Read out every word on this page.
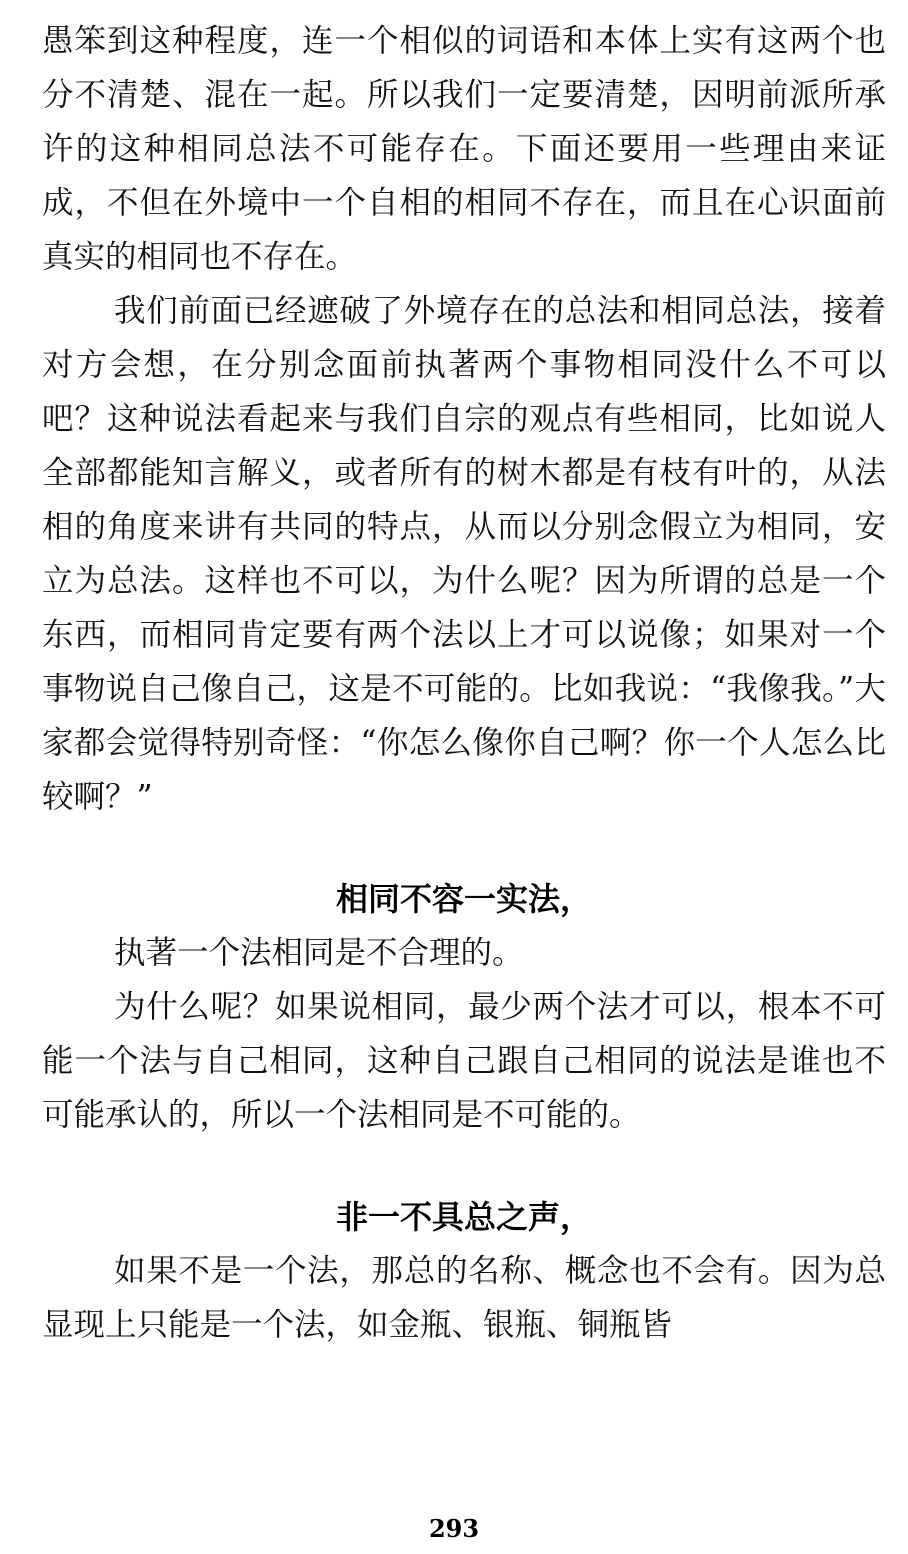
愚笨到这种程度，连一个相似的词语和本体上实有这两个也分不清楚、混在一起。所以我们一定要清楚，因明前派所承许的这种相同总法不可能存在。下面还要用一些理由来证成，不但在外境中一个自相的相同不存在，而且在心识面前真实的相同也不存在。

我们前面已经遮破了外境存在的总法和相同总法，接着对方会想，在分别念面前执著两个事物相同没什么不可以吧？这种说法看起来与我们自宗的观点有些相同，比如说人全部都能知言解义，或者所有的树木都是有枝有叶的，从法相的角度来讲有共同的特点，从而以分别念假立为相同，安立为总法。这样也不可以，为什么呢？因为所谓的总是一个东西，而相同肯定要有两个法以上才可以说像；如果对一个事物说自己像自己，这是不可能的。比如我说：“我像我。”大家都会觉得特别奇怪：“你怎么像你自己啊？你一个人怎么比较啊？”

相同不容一实法，

执著一个法相同是不合理的。

为什么呢？如果说相同，最少两个法才可以，根本不可能一个法与自己相同，这种自己跟自己相同的说法是谁也不可能承认的，所以一个法相同是不可能的。

非一不具总之声，

如果不是一个法，那总的名称、概念也不会有。因为总显现上只能是一个法，如金瓶、银瓶、铜瓶皆

293
